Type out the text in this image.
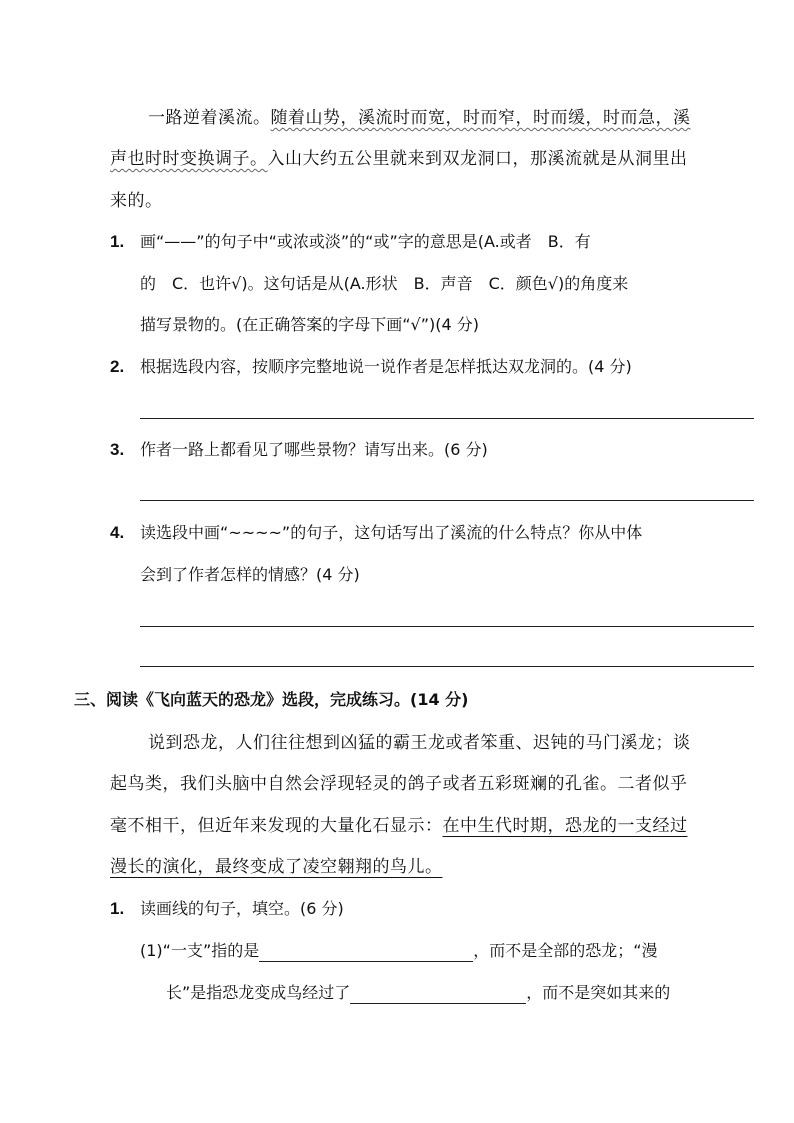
一路逆着溪流。随着山势，溪流时而宽，时而窄，时而缓，时而急，溪
声也时时变换调子。入山大约五公里就来到双龙洞口，那溪流就是从洞里出
来的。
1. 画“——”的句子中“或浓或淡”的“或”字的意思是(A.或者　B．有
的　C．也许√)。这句话是从(A.形状　B．声音　C．颜色√)的角度来
描写景物的。(在正确答案的字母下画“√”)(4 分)
2. 根据选段内容，按顺序完整地说一说作者是怎样抵达双龙洞的。(4 分)
3. 作者一路上都看见了哪些景物？请写出来。(6 分)
4. 读选段中画“~~~~”的句子，这句话写出了溪流的什么特点？你从中体
会到了作者怎样的情感？(4 分)
三、阅读《飞向蓝天的恐龙》选段，完成练习。(14 分)
说到恐龙，人们往往想到凶猛的霸王龙或者笨重、迟钝的马门溪龙；谈
起鸟类，我们头脑中自然会浮现轻灵的鸽子或者五彩斑斓的孔雀。二者似乎
毫不相干，但近年来发现的大量化石显示：在中生代时期，恐龙的一支经过
漫长的演化，最终变成了凌空翱翔的鸟儿。
1. 读画线的句子，填空。(6 分)
(1)“一支”指的是	，而不是全部的恐龙；“漫
长”是指恐龙变成鸟经过了	，而不是突如其来的
